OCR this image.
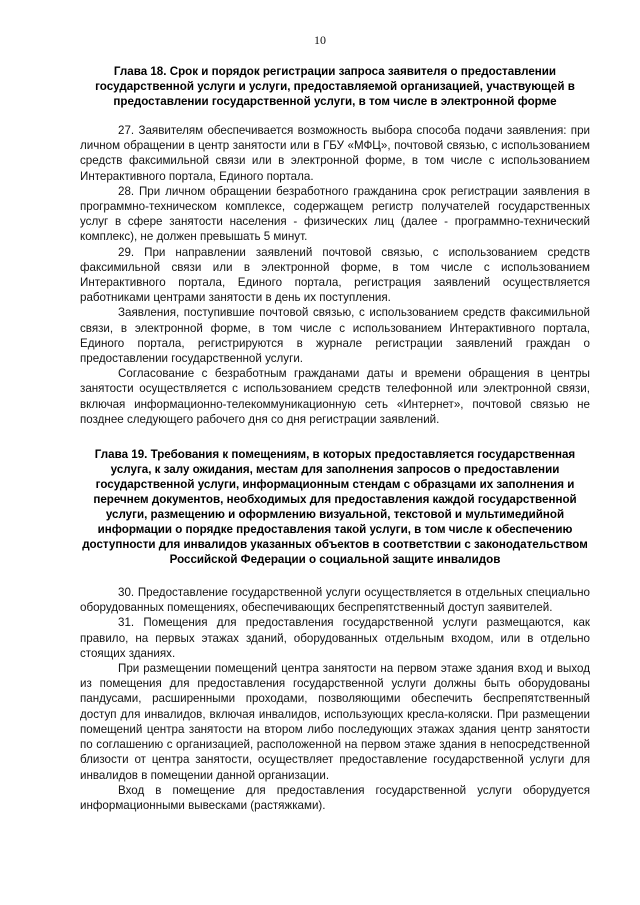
10
Глава 18. Срок и порядок регистрации запроса заявителя о предоставлении государственной услуги и услуги, предоставляемой организацией, участвующей в предоставлении государственной услуги, в том числе в электронной форме

27. Заявителям обеспечивается возможность выбора способа подачи заявления: при личном обращении в центр занятости или в ГБУ «МФЦ», почтовой связью, с использованием средств факсимильной связи или в электронной форме, в том числе с использованием Интерактивного портала, Единого портала.

28. При личном обращении безработного гражданина срок регистрации заявления в программно-техническом комплексе, содержащем регистр получателей государственных услуг в сфере занятости населения - физических лиц (далее - программно-технический комплекс), не должен превышать 5 минут.

29. При направлении заявлений почтовой связью, с использованием средств факсимильной связи или в электронной форме, в том числе с использованием Интерактивного портала, Единого портала, регистрация заявлений осуществляется работниками центрами занятости в день их поступления.

Заявления, поступившие почтовой связью, с использованием средств факсимильной связи, в электронной форме, в том числе с использованием Интерактивного портала, Единого портала, регистрируются в журнале регистрации заявлений граждан о предоставлении государственной услуги.

Согласование с безработным гражданами даты и времени обращения в центры занятости осуществляется с использованием средств телефонной или электронной связи, включая информационно-телекоммуникационную сеть «Интернет», почтовой связью не позднее следующего рабочего дня со дня регистрации заявлений.

Глава 19. Требования к помещениям, в которых предоставляется государственная услуга, к залу ожидания, местам для заполнения запросов о предоставлении государственной услуги, информационным стендам с образцами их заполнения и перечнем документов, необходимых для предоставления каждой государственной услуги, размещению и оформлению визуальной, текстовой и мультимедийной информации о порядке предоставления такой услуги, в том числе к обеспечению доступности для инвалидов указанных объектов в соответствии с законодательством Российской Федерации о социальной защите инвалидов

30. Предоставление государственной услуги осуществляется в отдельных специально оборудованных помещениях, обеспечивающих беспрепятственный доступ заявителей.

31. Помещения для предоставления государственной услуги размещаются, как правило, на первых этажах зданий, оборудованных отдельным входом, или в отдельно стоящих зданиях.

При размещении помещений центра занятости на первом этаже здания вход и выход из помещения для предоставления государственной услуги должны быть оборудованы пандусами, расширенными проходами, позволяющими обеспечить беспрепятственный доступ для инвалидов, включая инвалидов, использующих кресла-коляски. При размещении помещений центра занятости на втором либо последующих этажах здания центр занятости по соглашению с организацией, расположенной на первом этаже здания в непосредственной близости от центра занятости, осуществляет предоставление государственной услуги для инвалидов в помещении данной организации.

Вход в помещение для предоставления государственной услуги оборудуется информационными вывесками (растяжками).
